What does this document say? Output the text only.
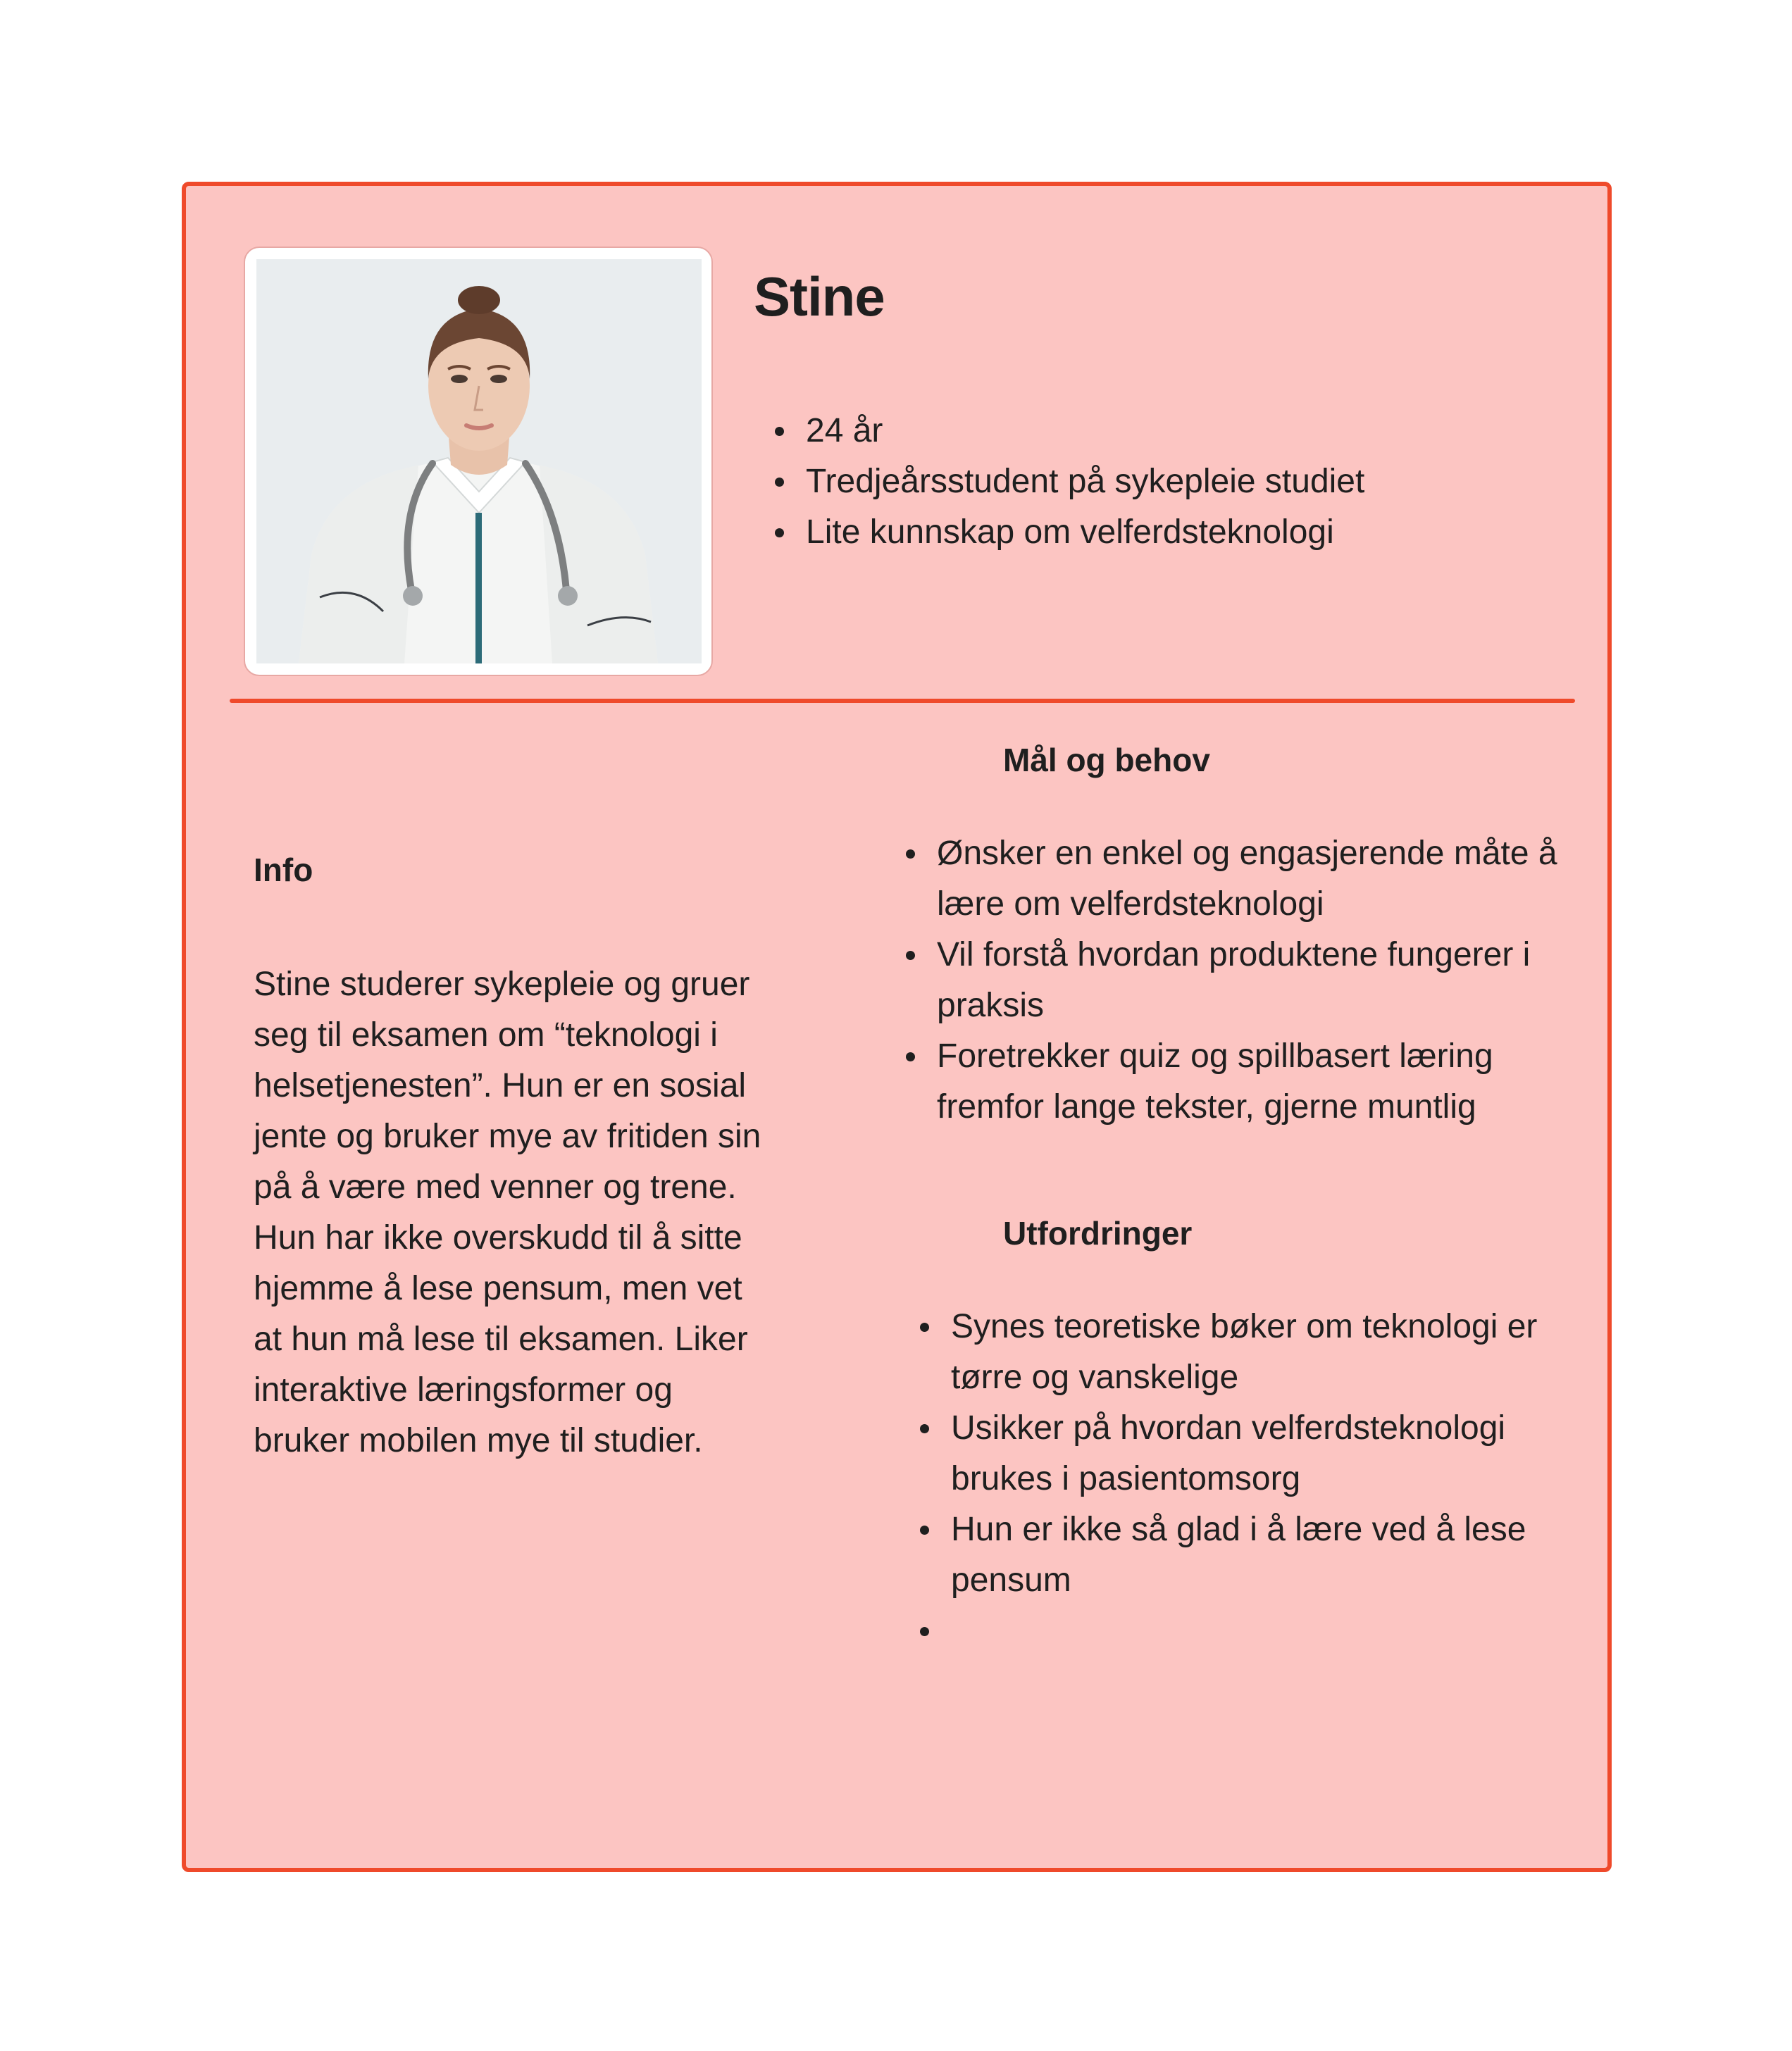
Stine
24 år
Tredjeårsstudent på sykepleie studiet
Lite kunnskap om velferdsteknologi
Info

Stine studerer sykepleie og gruer seg til eksamen om “teknologi i helsetjenesten”. Hun er en sosial jente og bruker mye av fritiden sin på å være med venner og trene. Hun har ikke overskudd til å sitte hjemme å lese pensum, men vet at hun må lese til eksamen. Liker interaktive læringsformer og bruker mobilen mye til studier.

Mål og behov
Ønsker en enkel og engasjerende måte å lære om velferdsteknologi
Vil forstå hvordan produktene fungerer i praksis
Foretrekker quiz og spillbasert læring fremfor lange tekster, gjerne muntlig
Utfordringer
Synes teoretiske bøker om teknologi er tørre og vanskelige
Usikker på hvordan velferdsteknologi brukes i pasientomsorg
Hun er ikke så glad i å lære ved å lese pensum
